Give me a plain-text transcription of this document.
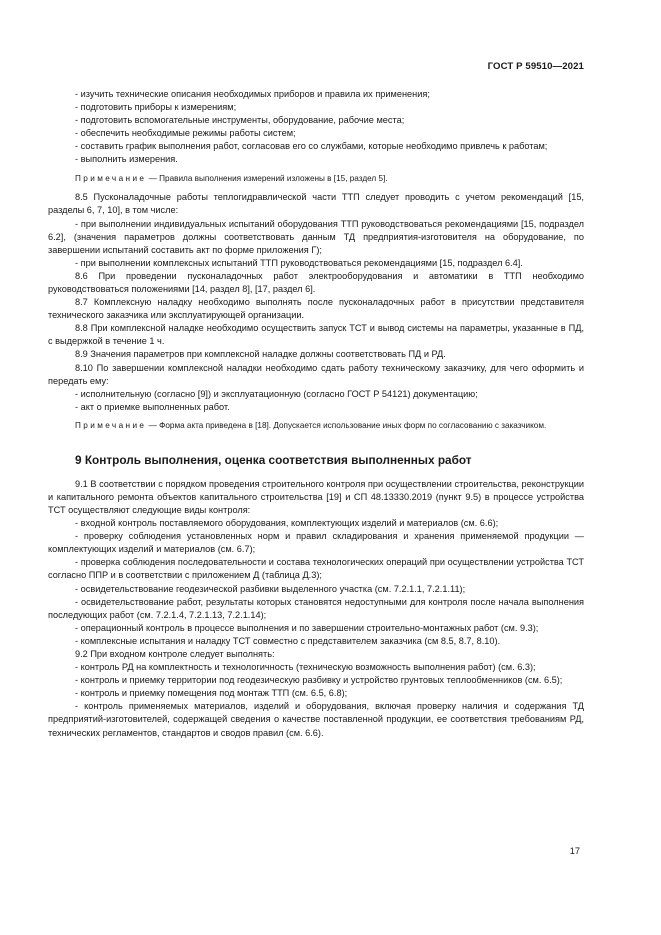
ГОСТ Р 59510—2021

- изучить технические описания необходимых приборов и правила их применения;

- подготовить приборы к измерениям;

- подготовить вспомогательные инструменты, оборудование, рабочие места;

- обеспечить необходимые режимы работы систем;

- составить график выполнения работ, согласовав его со службами, которые необходимо привлечь к работам;

- выполнить измерения.

Примечание — Правила выполнения измерений изложены в [15, раздел 5].

8.5 Пусконаладочные работы теплогидравлической части ТТП следует проводить с учетом рекомендаций [15, разделы 6, 7, 10], в том числе:

- при выполнении индивидуальных испытаний оборудования ТТП руководствоваться рекомендациями [15, подраздел 6.2], (значения параметров должны соответствовать данным ТД предприятия-изготовителя на оборудование, по завершении испытаний составить акт по форме приложения Г);

- при выполнении комплексных испытаний ТТП руководствоваться рекомендациями [15, подраздел 6.4].

8.6 При проведении пусконаладочных работ электрооборудования и автоматики в ТТП необходимо руководствоваться положениями [14, раздел 8], [17, раздел 6].

8.7 Комплексную наладку необходимо выполнять после пусконаладочных работ в присутствии представителя технического заказчика или эксплуатирующей организации.

8.8 При комплексной наладке необходимо осуществить запуск ТСТ и вывод системы на параметры, указанные в ПД, с выдержкой в течение 1 ч.

8.9 Значения параметров при комплексной наладке должны соответствовать ПД и РД.

8.10 По завершении комплексной наладки необходимо сдать работу техническому заказчику, для чего оформить и передать ему:

- исполнительную (согласно [9]) и эксплуатационную (согласно ГОСТ Р 54121) документацию;

- акт о приемке выполненных работ.

Примечание — Форма акта приведена в [18]. Допускается использование иных форм по согласованию с заказчиком.

9 Контроль выполнения, оценка соответствия выполненных работ

9.1 В соответствии с порядком проведения строительного контроля при осуществлении строительства, реконструкции и капитального ремонта объектов капитального строительства [19] и СП 48.13330.2019 (пункт 9.5) в процессе устройства ТСТ осуществляют следующие виды контроля:

- входной контроль поставляемого оборудования, комплектующих изделий и материалов (см. 6.6);

- проверку соблюдения установленных норм и правил складирования и хранения применяемой продукции — комплектующих изделий и материалов (см. 6.7);

- проверка соблюдения последовательности и состава технологических операций при осуществлении устройства ТСТ согласно ППР и в соответствии с приложением Д (таблица Д.3);

- освидетельствование геодезической разбивки выделенного участка (см. 7.2.1.1, 7.2.1.11);

- освидетельствование работ, результаты которых становятся недоступными для контроля после начала выполнения последующих работ (см. 7.2.1.4, 7.2.1.13, 7.2.1.14);

- операционный контроль в процессе выполнения и по завершении строительно-монтажных работ (см. 9.3);

- комплексные испытания и наладку ТСТ совместно с представителем заказчика (см 8.5, 8.7, 8.10).

9.2 При входном контроле следует выполнять:

- контроль РД на комплектность и технологичность (техническую возможность выполнения работ) (см. 6.3);

- контроль и приемку территории под геодезическую разбивку и устройство грунтовых теплообменников (см. 6.5);

- контроль и приемку помещения под монтаж ТТП (см. 6.5, 6.8);

- контроль применяемых материалов, изделий и оборудования, включая проверку наличия и содержания ТД предприятий-изготовителей, содержащей сведения о качестве поставленной продукции, ее соответствия требованиям РД, технических регламентов, стандартов и сводов правил (см. 6.6).

17
